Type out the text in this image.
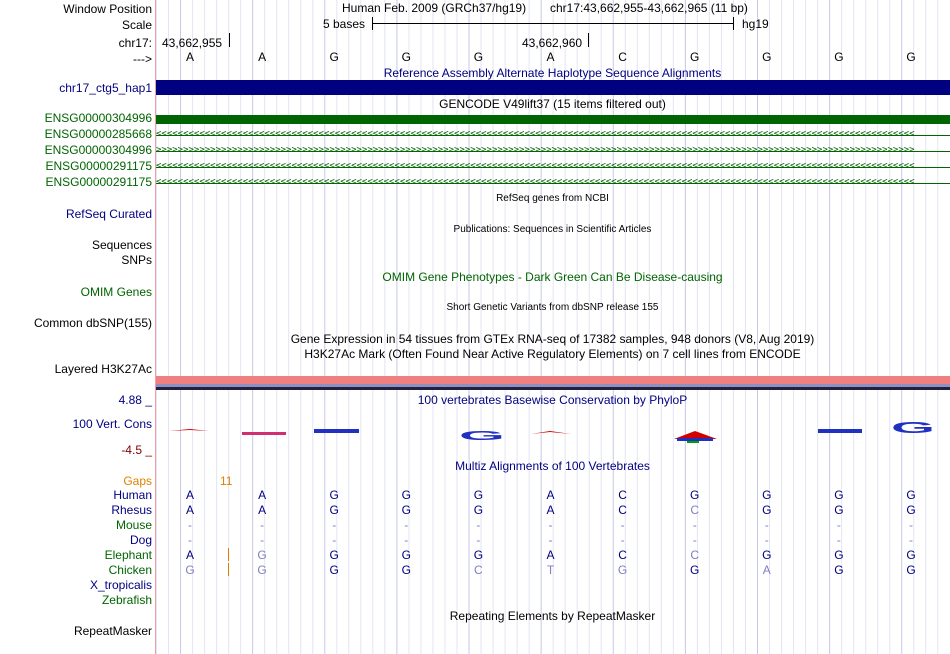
Window Position
Scale
chr17:
--->
Human Feb. 2009 (GRCh37/hg19) chr17:43,662,955-43,662,965 (11 bp)
5 bases	hg19
43,662,955	43,662,960
A	A	G	G	G	A	C	G	G	G	G
Reference Assembly Alternate Haplotype Sequence Alignments
chr17_ctg5_hap1
GENCODE V49lift37 (15 items filtered out)
ENSG00000304996
ENSG00000285668 <<<<<<<<<<<<<<<<<<<<<<<<<<<<<<<<<<<<<<<<<<<<<<<<<<<<<<<<<<<<<<<<<<<<<<<<<<<<<<<<<<<<<<<<<<<<<<<<<<<<<<<<<<<<<<<<<<<<<<<<<<<<<<<<<<<<<<<<<<<<
ENSG00000304996 >>>>>>>>>>>>>>>>>>>>>>>>>>>>>>>>>>>>>>>>>>>>>>>>>>>>>>>>>>>>>>>>>>>>>>>>>>>>>>>>>>>>>>>>>>>>>>>>>>>>>>>>>>>>>>>>>>>>>>>>>>>>>>>>>>>>>>>>>>>>
ENSG00000291175 <<<<<<<<<<<<<<<<<<<<<<<<<<<<<<<<<<<<<<<<<<<<<<<<<<<<<<<<<<<<<<<<<<<<<<<<<<<<<<<<<<<<<<<<<<<<<<<<<<<<<<<<<<<<<<<<<<<<<<<<<<<<<<<<<<<<<<<<<<<<
ENSG00000291175 <<<<<<<<<<<<<<<<<<<<<<<<<<<<<<<<<<<<<<<<<<<<<<<<<<<<<<<<<<<<<<<<<<<<<<<<<<<<<<<<<<<<<<<<<<<<<<<<<<<<<<<<<<<<<<<<<<<<<<<<<<<<<<<<<<<<<<<<<<<<
RefSeq genes from NCBI
RefSeq Curated
Publications: Sequences in Scientific Articles
Sequences
SNPs
OMIM Gene Phenotypes - Dark Green Can Be Disease-causing
OMIM Genes
Short Genetic Variants from dbSNP release 155
Common dbSNP(155)
Gene Expression in 54 tissues from GTEx RNA-seq of 17382 samples, 948 donors (V8, Aug 2019)
H3K27Ac Mark (Often Found Near Active Regulatory Elements) on 7 cell lines from ENCODE
Layered H3K27Ac
100 vertebrates Basewise Conservation by PhyloP
4.88 _
100 Vert. Cons
-4.5 _
G	G
Multiz Alignments of 100 Vertebrates
Gaps	11
Human	A	A	G	G	G	A	C	G	G	G	G
Rhesus	A	A	G	G	G	A	C	C	G	G	G
Mouse	-	-	-	-	-	-	-	-	-	-	-
Dog	-	-	-	-	-	-	-	-	-	-	-
Elephant	A	G	G	G	G	A	C	C	G	G	G
Chicken	G	G	G	G	C	T	G	G	A	G	G
X_tropicalis
Zebrafish
Repeating Elements by RepeatMasker
RepeatMasker
